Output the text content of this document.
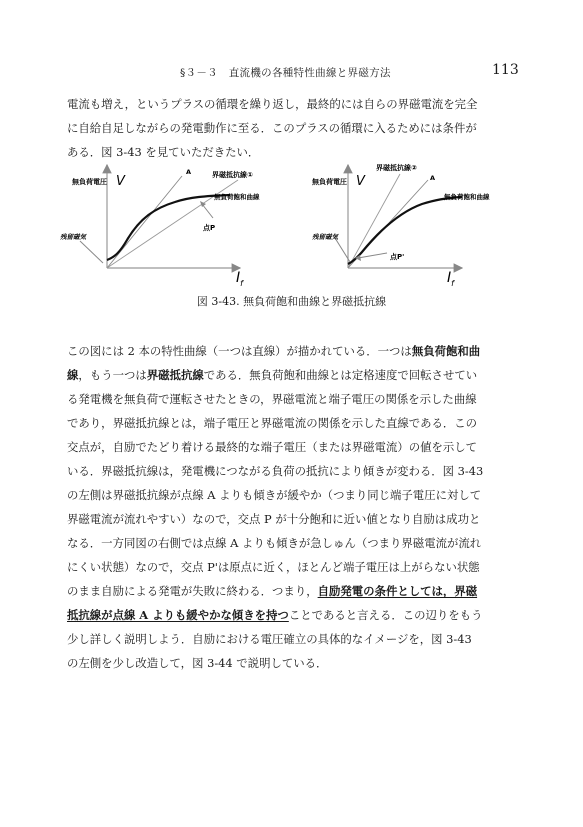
§３－３　直流機の各種特性曲線と界磁方法	113
電流も増え，というプラスの循環を繰り返し，最終的には自らの界磁電流を完全
に自給自足しながらの発電動作に至る．このプラスの循環に入るためには条件が
ある．図 3-43 を見ていただきたい．
無負荷電圧 V
A	界磁抵抗線①
無負荷飽和曲線
点P
残留磁気
$I_f$
無負荷電圧 V
界磁抵抗線②
A
無負荷飽和曲線
点P'
残留磁気
$I_f$
図 3-43. 無負荷飽和曲線と界磁抵抗線
この図には 2 本の特性曲線（一つは直線）が描かれている．一つは無負荷飽和曲
線，もう一つは界磁抵抗線である．無負荷飽和曲線とは定格速度で回転させてい
る発電機を無負荷で運転させたときの，界磁電流と端子電圧の関係を示した曲線
であり，界磁抵抗線とは，端子電圧と界磁電流の関係を示した直線である．この
交点が，自励でたどり着ける最終的な端子電圧（または界磁電流）の値を示して
いる．界磁抵抗線は，発電機につながる負荷の抵抗により傾きが変わる．図 3-43
の左側は界磁抵抗線が点線 A よりも傾きが緩やか（つまり同じ端子電圧に対して
界磁電流が流れやすい）なので，交点 P が十分飽和に近い値となり自励は成功と
なる．一方同図の右側では点線 A よりも傾きが急しゅん（つまり界磁電流が流れ
にくい状態）なので，交点 P'は原点に近く，ほとんど端子電圧は上がらない状態
のまま自励による発電が失敗に終わる．つまり，自励発電の条件としては，界磁
抵抗線が点線 A よりも緩やかな傾きを持つことであると言える．この辺りをもう
少し詳しく説明しよう．自励における電圧確立の具体的なイメージを，図 3-43
の左側を少し改造して，図 3-44 で説明している．
